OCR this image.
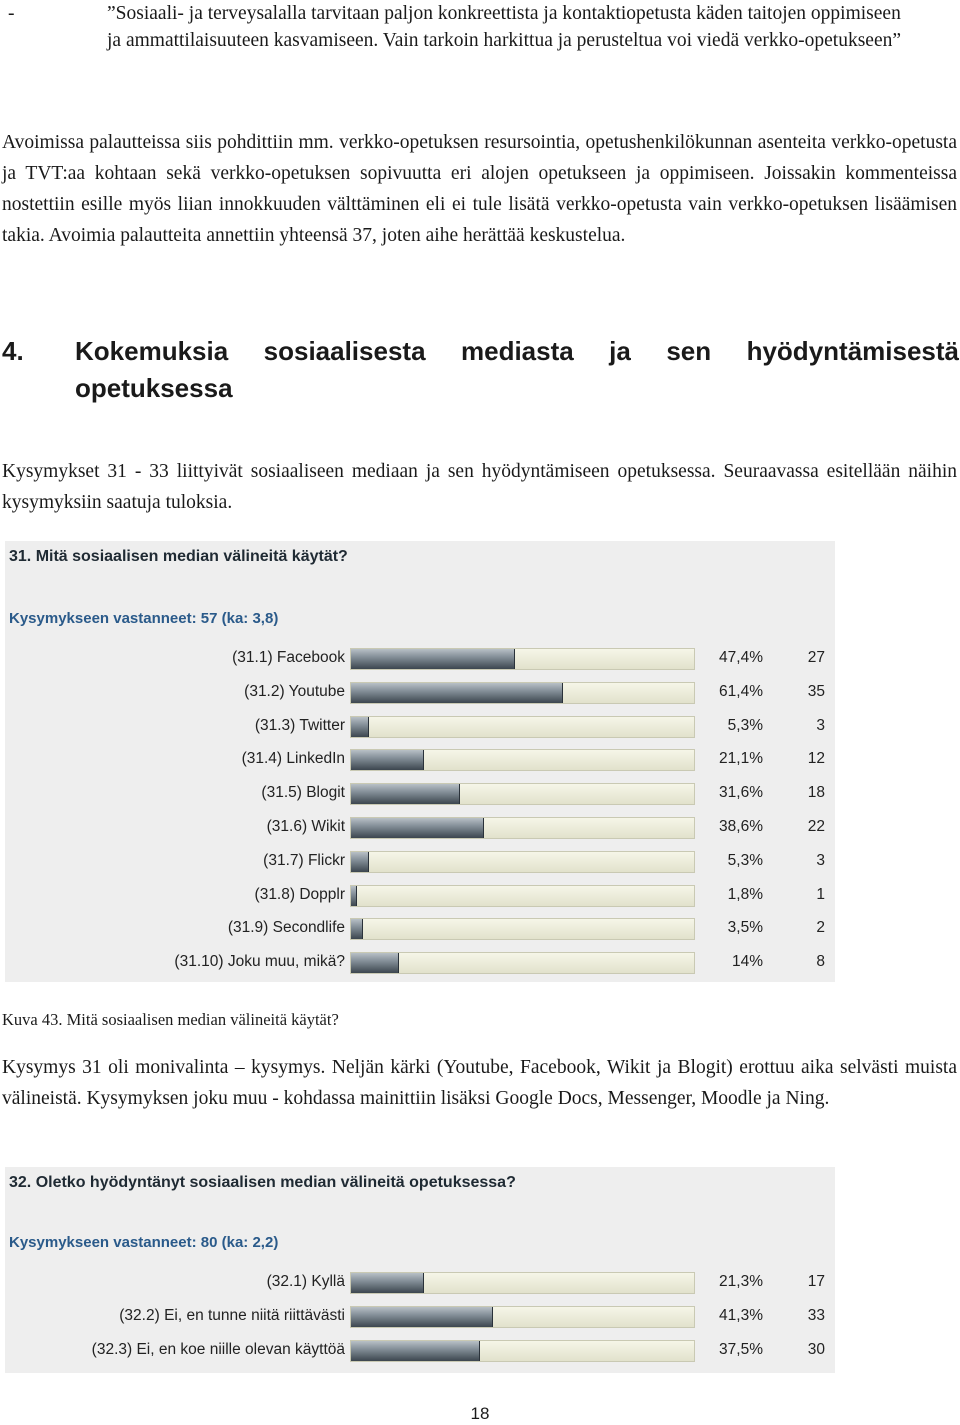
-	”Sosiaali- ja terveysalalla tarvitaan paljon konkreettista ja kontaktiopetusta käden taitojen oppimiseen ja ammattilaisuuteen kasvamiseen. Vain tarkoin harkittua ja perusteltua voi viedä verkko-opetukseen”

Avoimissa palautteissa siis pohdittiin mm. verkko-opetuksen resursointia, opetushenkilökunnan asenteita verkko-opetusta ja TVT:aa kohtaan sekä verkko-opetuksen sopivuutta eri alojen opetukseen ja oppimiseen. Joissakin kommenteissa nostettiin esille myös liian innokkuuden välttäminen eli ei tule lisätä verkko-opetusta vain verkko-opetuksen lisäämisen takia. Avoimia palautteita annettiin yhteensä 37, joten aihe herättää keskustelua.

4. Kokemuksia sosiaalisesta mediasta ja sen hyödyntämisestä opetuksessa

Kysymykset 31 - 33 liittyivät sosiaaliseen mediaan ja sen hyödyntämiseen opetuksessa. Seuraavassa esitellään näihin kysymyksiin saatuja tuloksia.

31. Mitä sosiaalisen median välineitä käytät?
Kysymykseen vastanneet: 57 (ka: 3,8)
(31.1) Facebook	47,4%	27
(31.2) Youtube	61,4%	35
(31.3) Twitter	5,3%	3
(31.4) LinkedIn	21,1%	12
(31.5) Blogit	31,6%	18
(31.6) Wikit	38,6%	22
(31.7) Flickr	5,3%	3
(31.8) Dopplr	1,8%	1
(31.9) Secondlife	3,5%	2
(31.10) Joku muu, mikä?	14%	8
Kuva 43. Mitä sosiaalisen median välineitä käytät?

Kysymys 31 oli monivalinta – kysymys. Neljän kärki (Youtube, Facebook, Wikit ja Blogit) erottuu aika selvästi muista välineistä. Kysymyksen joku muu - kohdassa mainittiin lisäksi Google Docs, Messenger, Moodle ja Ning.

32. Oletko hyödyntänyt sosiaalisen median välineitä opetuksessa?
Kysymykseen vastanneet: 80 (ka: 2,2)
(32.1) Kyllä	21,3%	17
(32.2) Ei, en tunne niitä riittävästi	41,3%	33
(32.3) Ei, en koe niille olevan käyttöä	37,5%	30
18
